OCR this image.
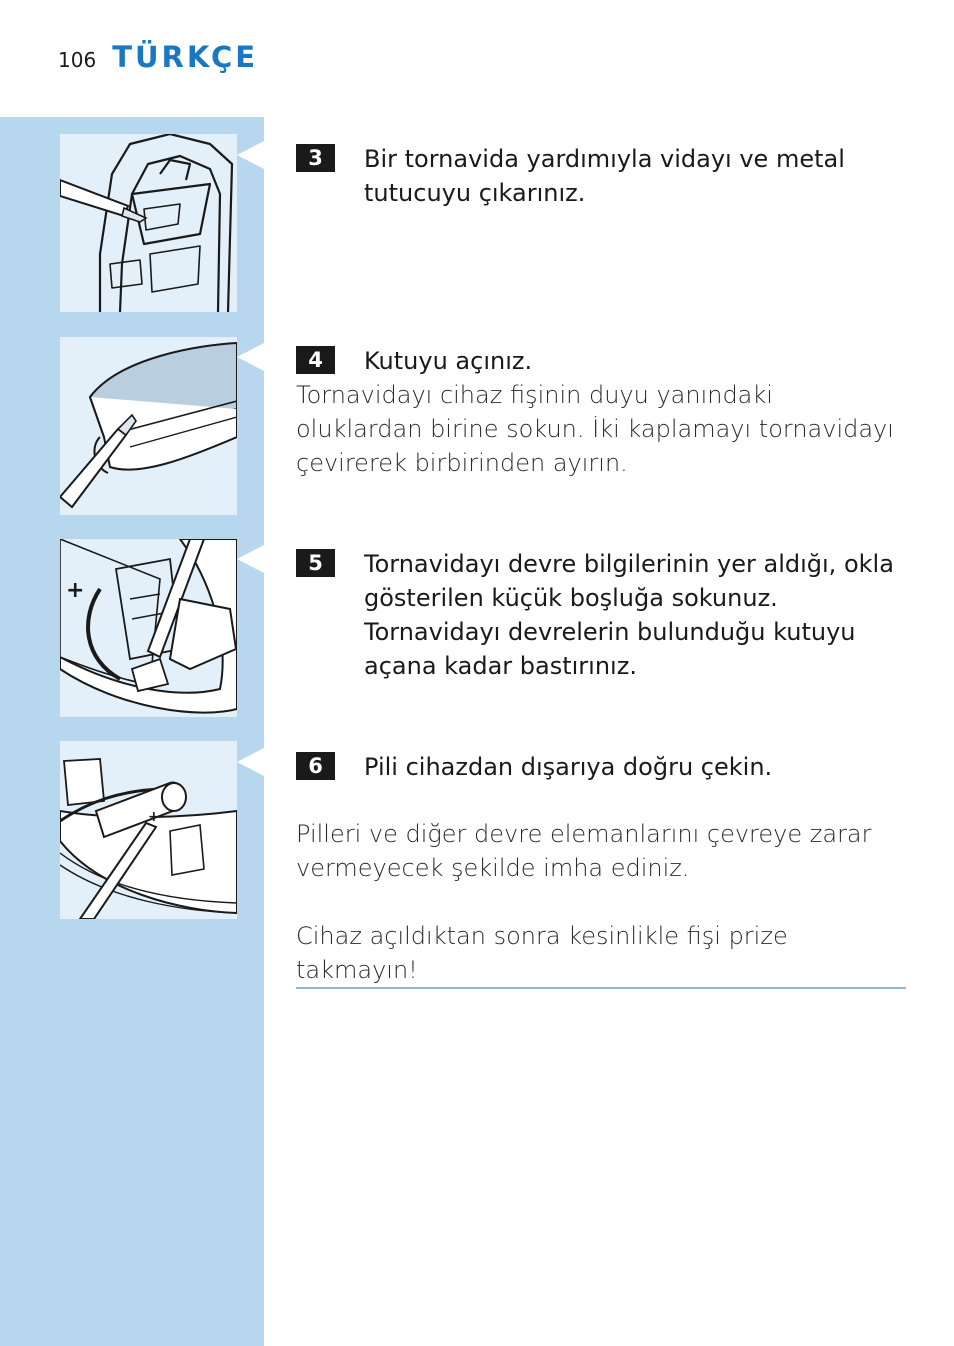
106 TÜRKÇE
+
+
3	Bir tornavida yardımıyla vidayı ve metal tutucuyu çıkarınız.
4	Kutuyu açınız.

Tornavidayı cihaz fişinin duyu yanındaki oluklardan birine sokun. İki kaplamayı tornavidayı çevirerek birbirinden ayırın.

5	Tornavidayı devre bilgilerinin yer aldığı, okla gösterilen küçük boşluğa sokunuz. Tornavidayı devrelerin bulunduğu kutuyu açana kadar bastırınız.
6	Pili cihazdan dışarıya doğru çekin.

Pilleri ve diğer devre elemanlarını çevreye zarar vermeyecek şekilde imha ediniz.

Cihaz açıldıktan sonra kesinlikle fişi prize takmayın!
